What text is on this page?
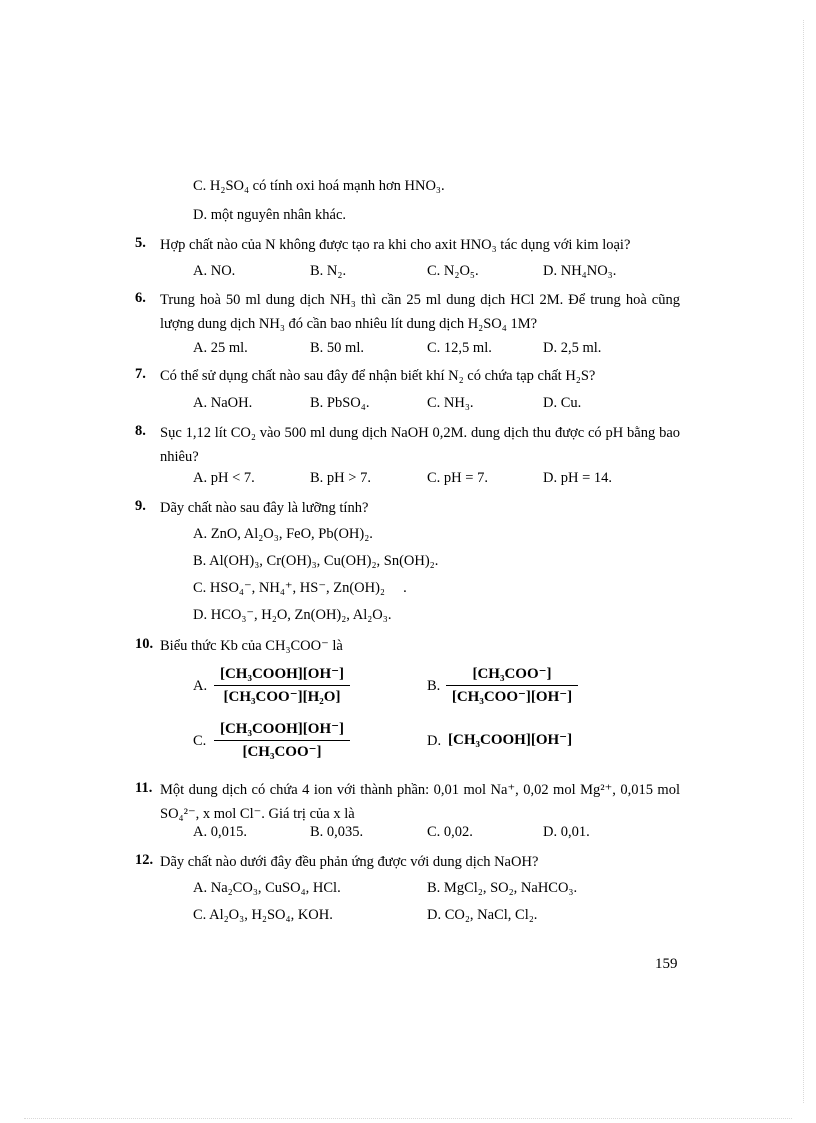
C. H₂SO₄ có tính oxi hoá mạnh hơn HNO₃.
D. một nguyên nhân khác.
5. Hợp chất nào của N không được tạo ra khi cho axit HNO₃ tác dụng với kim loại?
A. NO.	B. N₂.	C. N₂O₅.	D. NH₄NO₃.
6. Trung hoà 50 ml dung dịch NH₃ thì cần 25 ml dung dịch HCl 2M. Để trung hoà cũng lượng dung dịch NH₃ đó cần bao nhiêu lít dung dịch H₂SO₄ 1M?
A. 25 ml.	B. 50 ml.	C. 12,5 ml.	D. 2,5 ml.
7. Có thể sử dụng chất nào sau đây để nhận biết khí N₂ có chứa tạp chất H₂S?
A. NaOH.	B. PbSO₄.	C. NH₃.	D. Cu.
8. Sục 1,12 lít CO₂ vào 500 ml dung dịch NaOH 0,2M. dung dịch thu được có pH bằng bao nhiêu?
A. pH < 7.	B. pH > 7.	C. pH = 7.	D. pH = 14.
9. Dãy chất nào sau đây là lưỡng tính?
A. ZnO, Al₂O₃, FeO, Pb(OH)₂.
B. Al(OH)₃, Cr(OH)₃, Cu(OH)₂, Sn(OH)₂.
C. HSO₄⁻, NH₄⁺, HS⁻, Zn(OH)₂     .
D. HCO₃⁻, H₂O, Zn(OH)₂, Al₂O₃.
10. Biểu thức Kb của CH₃COO⁻ là
A.
[CH₃COOH][OH⁻]
[CH₃COO⁻][H₂O]
B.
[CH₃COO⁻]
[CH₃COO⁻][OH⁻]
C.
[CH₃COOH][OH⁻]
[CH₃COO⁻]
D. [CH₃COOH][OH⁻]
11. Một dung dịch có chứa 4 ion với thành phần: 0,01 mol Na⁺, 0,02 mol Mg²⁺, 0,015 mol SO₄²⁻, x mol Cl⁻. Giá trị của x là
A. 0,015.	B. 0,035.	C. 0,02.	D. 0,01.
12. Dãy chất nào dưới đây đều phản ứng được với dung dịch NaOH?
A. Na₂CO₃, CuSO₄, HCl.	B. MgCl₂, SO₂, NaHCO₃.
C. Al₂O₃, H₂SO₄, KOH.	D. CO₂, NaCl, Cl₂.
159
